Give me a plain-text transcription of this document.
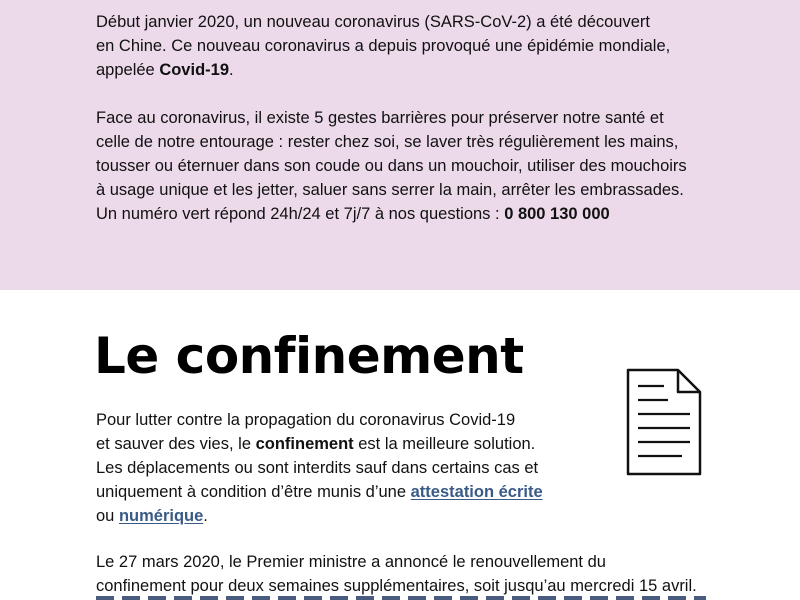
Début janvier 2020, un nouveau coronavirus (SARS-CoV-2) a été découvert
en Chine. Ce nouveau coronavirus a depuis provoqué une épidémie mondiale,
appelée Covid-19.

Face au coronavirus, il existe 5 gestes barrières pour préserver notre santé et
celle de notre entourage : rester chez soi, se laver très régulièrement les mains,
tousser ou éternuer dans son coude ou dans un mouchoir, utiliser des mouchoirs
à usage unique et les jetter, saluer sans serrer la main, arrêter les embrassades.
Un numéro vert répond 24h/24 et 7j/7 à nos questions : 0 800 130 000

Le confinement

Pour lutter contre la propagation du coronavirus Covid-19
et sauver des vies, le confinement est la meilleure solution.
Les déplacements ou sont interdits sauf dans certains cas et
uniquement à condition d’être munis d’une attestation écrite
ou numérique.

Le 27 mars 2020, le Premier ministre a annoncé le renouvellement du
confinement pour deux semaines supplémentaires, soit jusqu’au mercredi 15 avril.
